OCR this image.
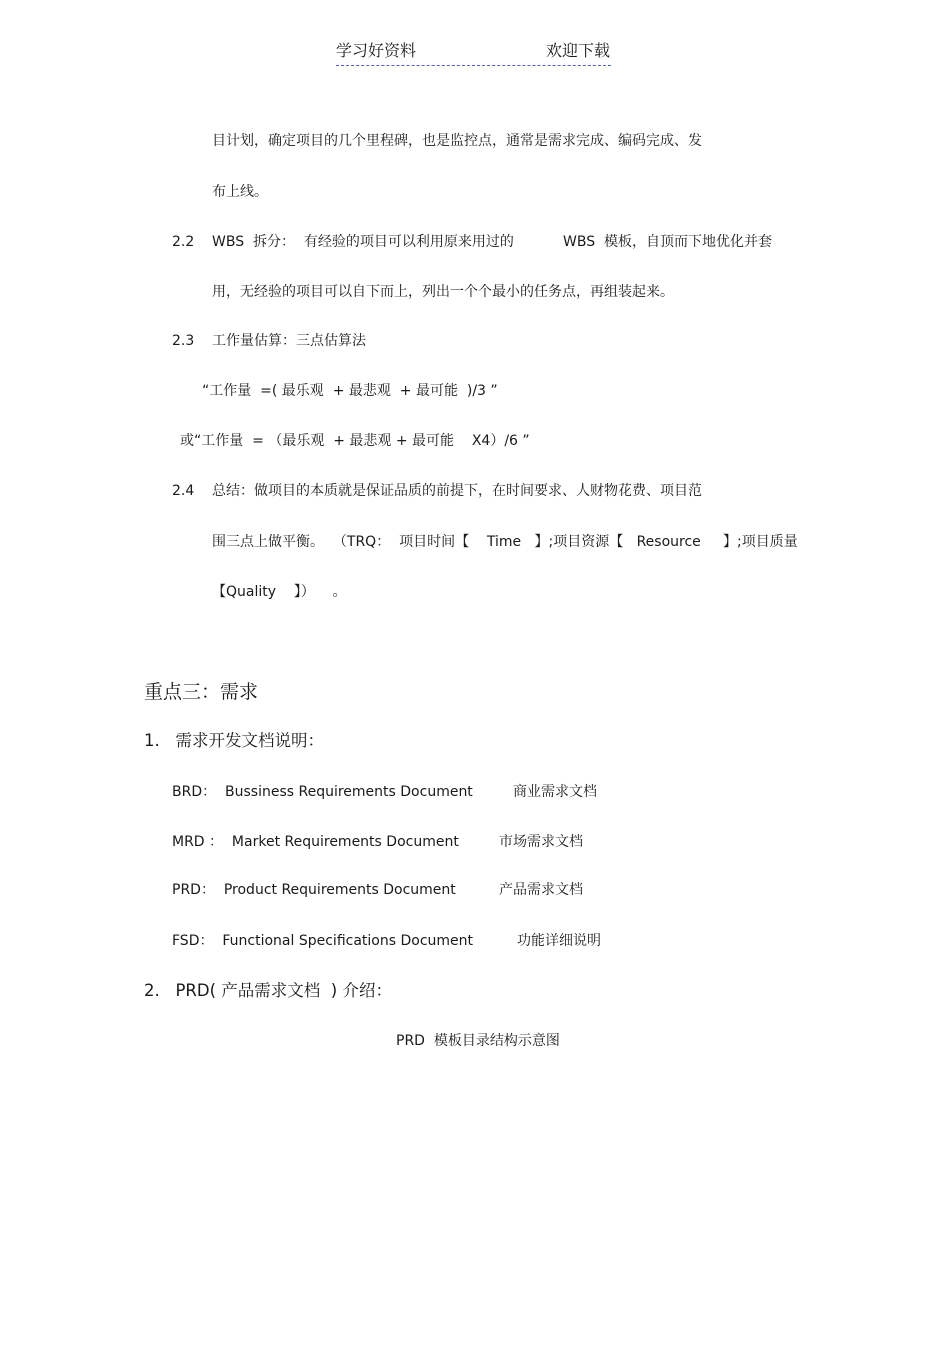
学习好资料

	欢迎下载

目计划，确定项目的几个里程碑，也是监控点，通常是需求完成、编码完成、发
布上线。
2.2 WBS  拆分：  有经验的项目可以利用原来用过的	WBS  模板，自顶而下地优化并套
用，无经验的项目可以自下而上，列出一个个最小的任务点，再组装起来。
2.3 工作量估算：三点估算法
“工作量  =( 最乐观  + 最悲观  + 最可能  )/3 ”
或“工作量  = （最乐观  + 最悲观 + 最可能    X4）/6 ”
2.4 总结：做项目的本质就是保证品质的前提下，在时间要求、人财物花费、项目范
围三点上做平衡。  （TRQ：  项目时间【    Time   】;项目资源【   Resource     】;项目质量
【Quality    】）    。
重点三：需求
1.   需求开发文档说明：
BRD：  Bussiness Requirements Document	商业需求文档
MRD ：  Market Requirements Document	市场需求文档
PRD：  Product Requirements Document	产品需求文档
FSD：  Functional Specifications Document	功能详细说明
2.   PRD( 产品需求文档  ) 介绍：
PRD  模板目录结构示意图
